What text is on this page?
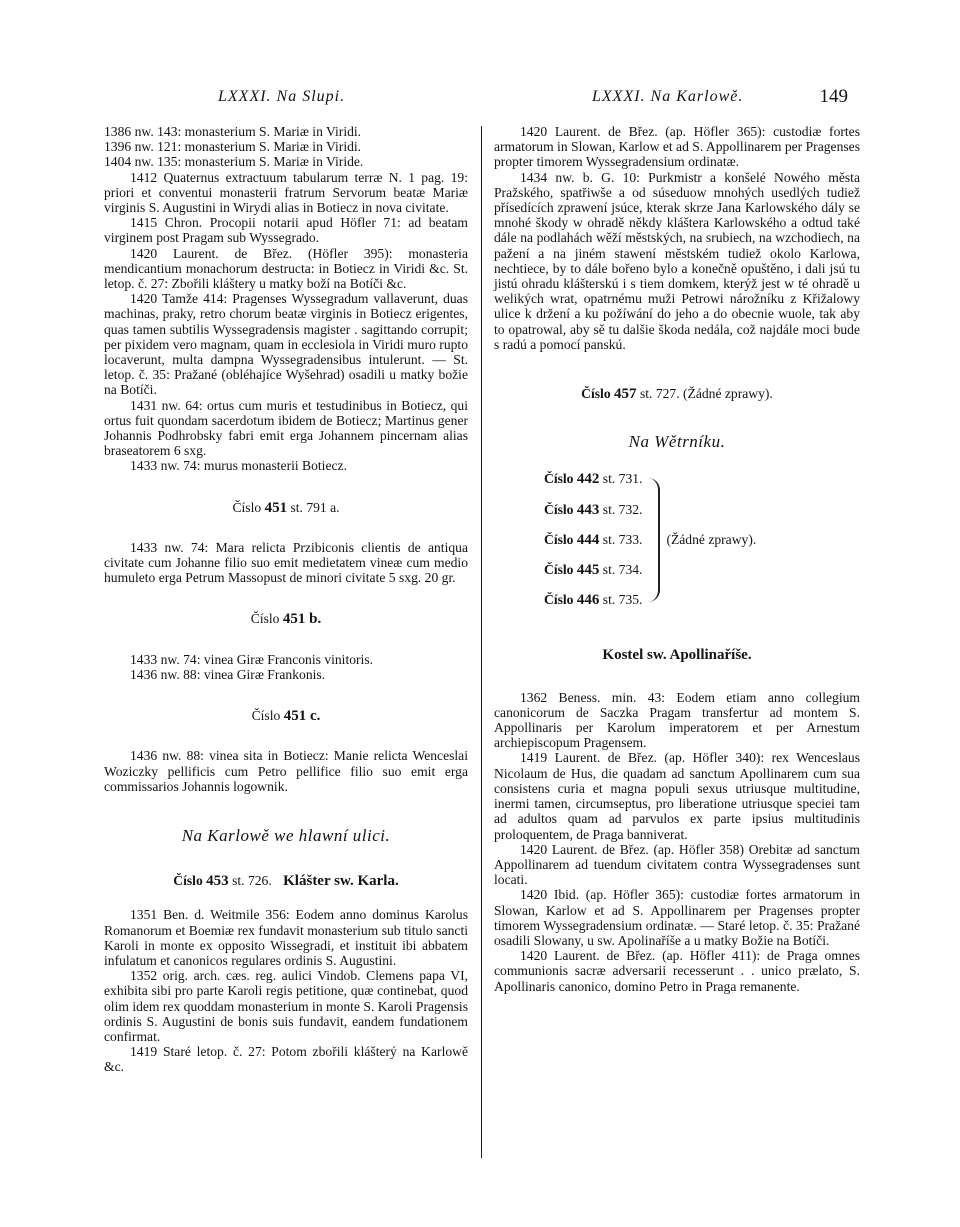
LXXXI. Na Slupi.	LXXXI. Na Karlowě.	149

1386 nw. 143: monasterium S. Mariæ in Viridi.

1396 nw. 121: monasterium S. Mariæ in Viridi.

1404 nw. 135: monasterium S. Mariæ in Viride.

1412 Quaternus extractuum tabularum terræ N. 1 pag. 19: priori et conventui monasterii fratrum Servorum beatæ Mariæ virginis S. Augustini in Wirydi alias in Botiecz in nova civitate.

1415 Chron. Procopii notarii apud Höfler 71: ad beatam virginem post Pragam sub Wyssegrado.

1420 Laurent. de Břez. (Höfler 395): monasteria mendicantium monachorum destructa: in Botiecz in Viridi &c. St. letop. č. 27: Zbořili kláštery u matky boží na Botíči &c.

1420 Tamže 414: Pragenses Wyssegradum vallaverunt, duas machinas, praky, retro chorum beatæ virginis in Botiecz erigentes, quas tamen subtilis Wyssegradensis magister . sagittando corrupit; per pixidem vero magnam, quam in ecclesiola in Viridi muro rupto locaverunt, multa dampna Wyssegradensibus intulerunt. — St. letop. č. 35: Pražané (obléhajíce Wyšehrad) osadili u matky božie na Botíči.

1431 nw. 64: ortus cum muris et testudinibus in Botiecz, qui ortus fuit quondam sacerdotum ibidem de Botiecz; Martinus gener Johannis Podhrobsky fabri emit erga Johannem pincernam alias braseatorem 6 sxg.

1433 nw. 74: murus monasterii Botiecz.

Číslo 451 st. 791 a.

1433 nw. 74: Mara relicta Przibiconis clientis de antiqua civitate cum Johanne filio suo emit medietatem vineæ cum medio humuleto erga Petrum Massopust de minori civitate 5 sxg. 20 gr.

Číslo 451 b.

1433 nw. 74: vinea Giræ Franconis vinitoris.

1436 nw. 88: vinea Giræ Frankonis.

Číslo 451 c.

1436 nw. 88: vinea sita in Botiecz: Manie relicta Wenceslai Woziczky pellificis cum Petro pellifice filio suo emit erga commissarios Johannis logownik.

Na Karlowě we hlawní ulici.
Číslo 453 st. 726. Klášter sw. Karla.

1351 Ben. d. Weitmile 356: Eodem anno dominus Karolus Romanorum et Boemiæ rex fundavit monasterium sub titulo sancti Karoli in monte ex opposito Wissegradi, et instituit ibi abbatem infulatum et canonicos regulares ordinis S. Augustini.

1352 orig. arch. cæs. reg. aulici Vindob. Clemens papa VI, exhibita sibi pro parte Karoli regis petitione, quæ continebat, quod olim idem rex quoddam monasterium in monte S. Karoli Pragensis ordinis S. Augustini de bonis suis fundavit, eandem fundationem confirmat.

1419 Staré letop. č. 27: Potom zbořili klášterý na Karlowě &c.

1420 Laurent. de Břez. (ap. Höfler 365): custodiæ fortes armatorum in Slowan, Karlow et ad S. Appollinarem per Pragenses propter timorem Wyssegradensium ordinatæ.

1434 nw. b. G. 10: Purkmistr a konšelé Nowého města Pražského, spatřiwše a od súseduow mnohých usedlých tudiež přísedících zprawení jsúce, kterak skrze Jana Karlowského dály se mnohé škody w ohradě někdy kláštera Karlowského a odtud také dále na podlahách wěží městských, na srubiech, na wzchodiech, na pažení a na jiném stawení městském tudiež okolo Karlowa, nechtiece, by to dále bořeno bylo a konečně opuštěno, i dali jsú tu jistú ohradu klášterskú i s tiem domkem, kterýž jest w té ohradě u welikých wrat, opatrnému muži Petrowi nárožníku z Křižalowy ulice k držení a ku požíwání do jeho a do obecnie wuole, tak aby to opatrowal, aby sě tu dalšie škoda nedála, což najdále moci bude s radú a pomocí panskú.

Číslo 457 st. 727. (Žádné zprawy).
Na Wětrníku.
Číslo 442 st. 731.
Číslo 443 st. 732.
Číslo 444 st. 733.
Číslo 445 st. 734.
Číslo 446 st. 735.
(Žádné zprawy).
Kostel sw. Apollinaříše.

1362 Beness. min. 43: Eodem etiam anno collegium canonicorum de Saczka Pragam transfertur ad montem S. Appollinaris per Karolum imperatorem et per Arnestum archiepiscopum Pragensem.

1419 Laurent. de Břez. (ap. Höfler 340): rex Wenceslaus Nicolaum de Hus, die quadam ad sanctum Apollinarem cum sua consistens curia et magna populi sexus utriusque multitudine, inermi tamen, circumseptus, pro liberatione utriusque speciei tam ad adultos quam ad parvulos ex parte ipsius multitudinis proloquentem, de Praga banniverat.

1420 Laurent. de Břez. (ap. Höfler 358) Orebitæ ad sanctum Appollinarem ad tuendum civitatem contra Wyssegradenses sunt locati.

1420 Ibid. (ap. Höfler 365): custodiæ fortes armatorum in Slowan, Karlow et ad S. Appollinarem per Pragenses propter timorem Wyssegradensium ordinatæ. — Staré letop. č. 35: Pražané osadili Slowany, u sw. Apolinaříše a u matky Božie na Botíči.

1420 Laurent. de Břez. (ap. Höfler 411): de Praga omnes communionis sacræ adversarii recesserunt . . unico prælato, S. Apollinaris canonico, domino Petro in Praga remanente.
